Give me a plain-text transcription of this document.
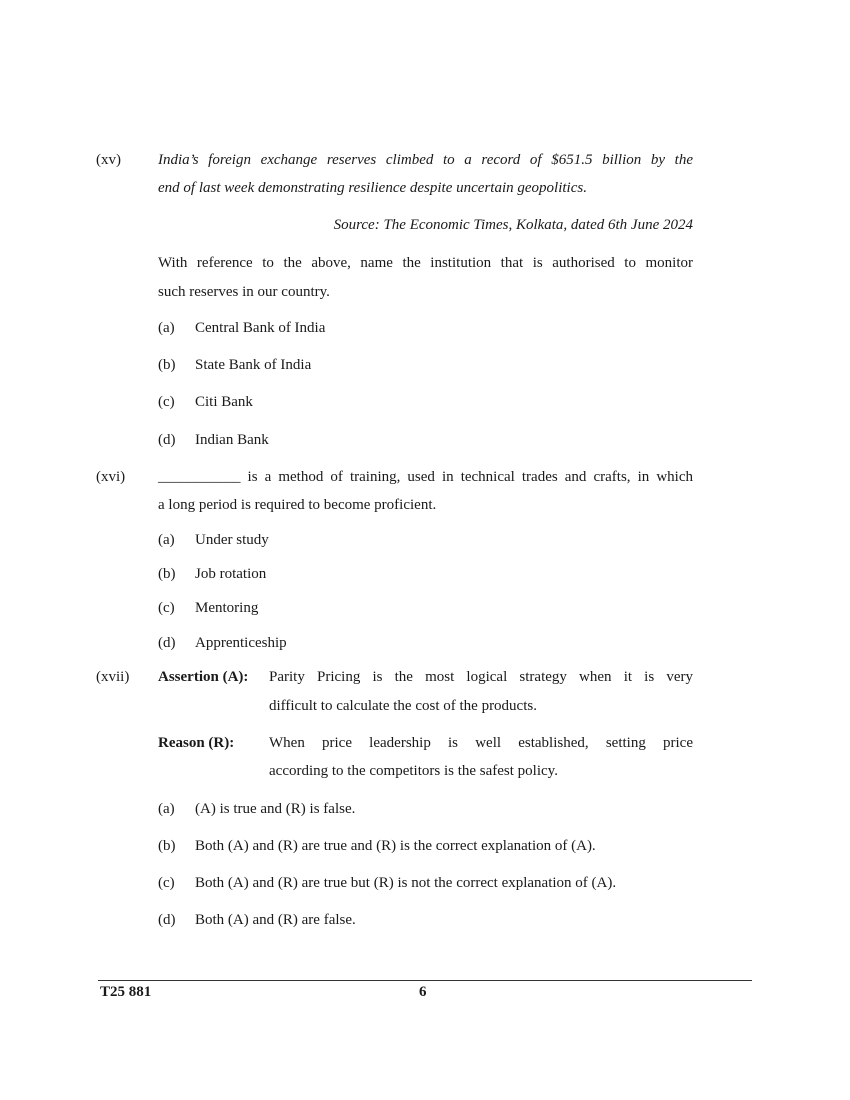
(xv) India’s foreign exchange reserves climbed to a record of $651.5 billion by the
end of last week demonstrating resilience despite uncertain geopolitics.
Source: The Economic Times, Kolkata, dated 6th June 2024
With reference to the above, name the institution that is authorised to monitor
such reserves in our country.
(a) Central Bank of India
(b) State Bank of India
(c) Citi Bank
(d) Indian Bank
(xvi) ___________ is a method of training, used in technical trades and crafts, in which
a long period is required to become proficient.
(a) Under study
(b) Job rotation
(c) Mentoring
(d) Apprenticeship
(xvii) Assertion (A): Parity Pricing is the most logical strategy when it is very
difficult to calculate the cost of the products.
Reason (R): When price leadership is well established, setting price
according to the competitors is the safest policy.
(a) (A) is true and (R) is false.
(b) Both (A) and (R) are true and (R) is the correct explanation of (A).
(c) Both (A) and (R) are true but (R) is not the correct explanation of (A).
(d) Both (A) and (R) are false.
T25 881	6
